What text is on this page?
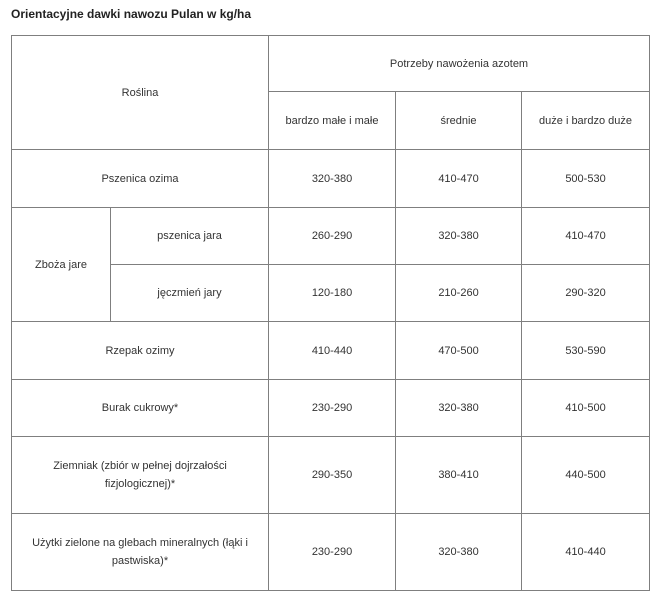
Orientacyjne dawki nawozu Pulan w kg/ha
Roślina		Potrzeby nawożenia azotem		
		bardzo małe i małe	średnie	duże i bardzo duże
Pszenica ozima		320-380	410-470	500-530
Zboża jare	pszenica jara	260-290	320-380	410-470
	jęczmień jary	120-180	210-260	290-320
Rzepak ozimy		410-440	470-500	530-590
Burak cukrowy*		230-290	320-380	410-500
Ziemniak (zbiór w pełnej dojrzałości fizjologicznej)*		290-350	380-410	440-500
Użytki zielone na glebach mineralnych (łąki i pastwiska)*		230-290	320-380	410-440
